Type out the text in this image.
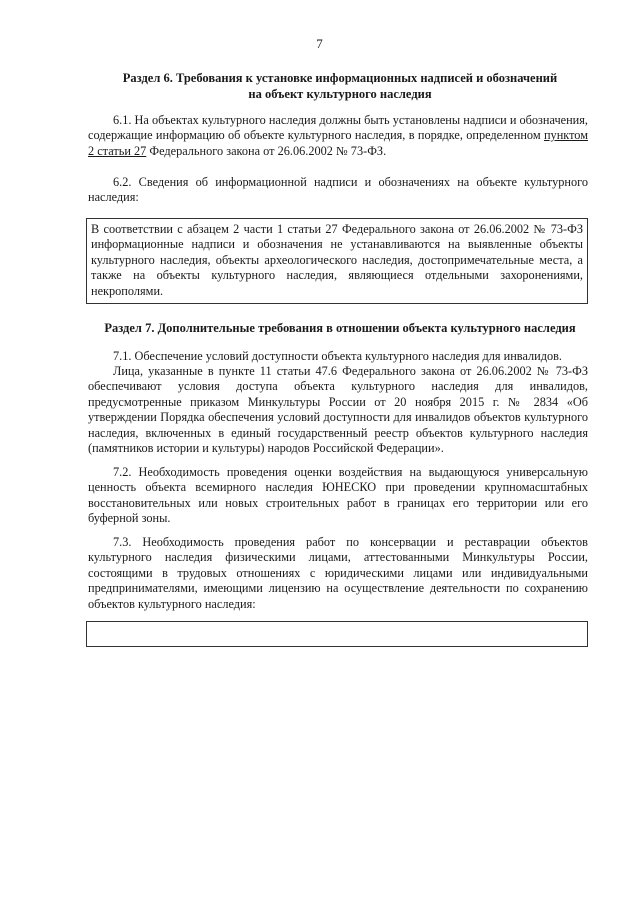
7
Раздел 6. Требования к установке информационных надписей и обозначений
на объект культурного наследия
6.1. На объектах культурного наследия должны быть установлены надписи и обозначения, содержащие информацию об объекте культурного наследия, в порядке, определенном пунктом 2 статьи 27 Федерального закона от 26.06.2002 № 73-ФЗ.
6.2. Сведения об информационной надписи и обозначениях на объекте культурного наследия:
В соответствии с абзацем 2 части 1 статьи 27 Федерального закона от 26.06.2002 № 73-ФЗ информационные надписи и обозначения не устанавливаются на выявленные объекты культурного наследия, объекты археологического наследия, достопримечательные места, а также на объекты культурного наследия, являющиеся отдельными захоронениями, некрополями.
Раздел 7. Дополнительные требования в отношении объекта культурного наследия
7.1. Обеспечение условий доступности объекта культурного наследия для инвалидов.
Лица, указанные в пункте 11 статьи 47.6 Федерального закона от 26.06.2002 № 73-ФЗ обеспечивают условия доступа объекта культурного наследия для инвалидов, предусмотренные приказом Минкультуры России от 20 ноября 2015 г. № 2834 «Об утверждении Порядка обеспечения условий доступности для инвалидов объектов культурного наследия, включенных в единый государственный реестр объектов культурного наследия (памятников истории и культуры) народов Российской Федерации».
7.2. Необходимость проведения оценки воздействия на выдающуюся универсальную ценность объекта всемирного наследия ЮНЕСКО при проведении крупномасштабных восстановительных или новых строительных работ в границах его территории или его буферной зоны.
7.3. Необходимость проведения работ по консервации и реставрации объектов культурного наследия физическими лицами, аттестованными Минкультуры России, состоящими в трудовых отношениях с юридическими лицами или индивидуальными предпринимателями, имеющими лицензию на осуществление деятельности по сохранению объектов культурного наследия:
